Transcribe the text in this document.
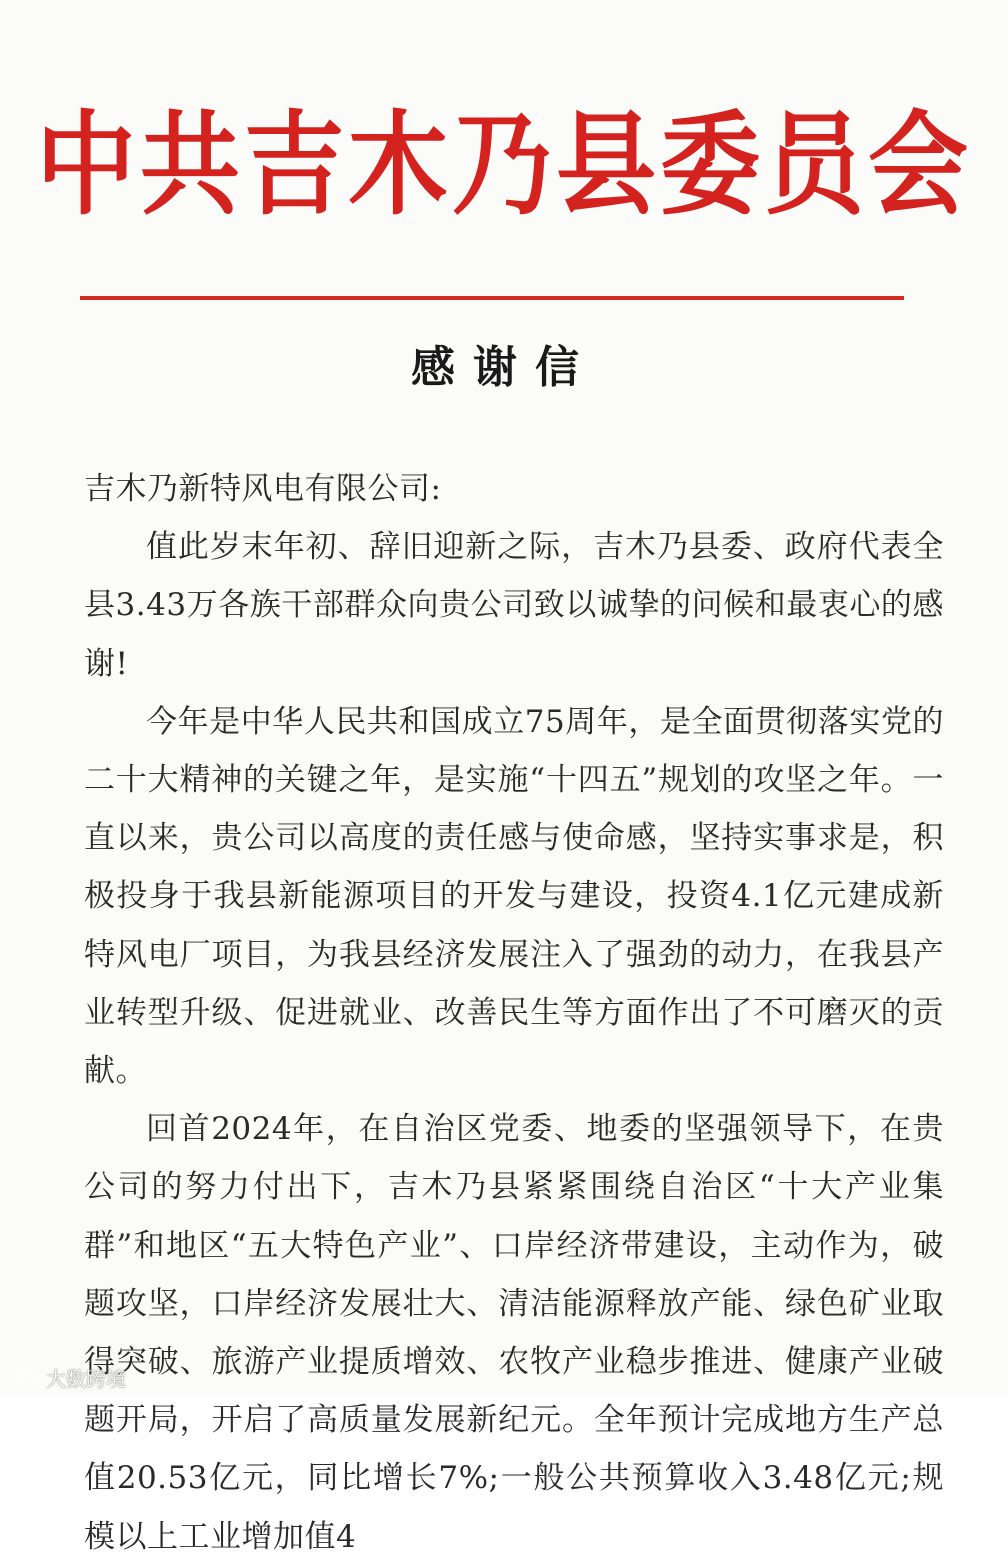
中共吉木乃县委员会
感谢信

吉木乃新特风电有限公司:

值此岁末年初、辞旧迎新之际，吉木乃县委、政府代表全县3.43万各族干部群众向贵公司致以诚挚的问候和最衷心的感谢!

今年是中华人民共和国成立75周年，是全面贯彻落实党的二十大精神的关键之年，是实施“十四五”规划的攻坚之年。一直以来，贵公司以高度的责任感与使命感，坚持实事求是，积极投身于我县新能源项目的开发与建设，投资4.1亿元建成新特风电厂项目，为我县经济发展注入了强劲的动力，在我县产业转型升级、促进就业、改善民生等方面作出了不可磨灭的贡献。

回首2024年，在自治区党委、地委的坚强领导下，在贵公司的努力付出下，吉木乃县紧紧围绕自治区“十大产业集群”和地区“五大特色产业”、口岸经济带建设，主动作为，破题攻坚，口岸经济发展壮大、清洁能源释放产能、绿色矿业取得突破、旅游产业提质增效、农牧产业稳步推进、健康产业破题开局，开启了高质量发展新纪元。全年预计完成地方生产总值20.53亿元，同比增长7%;一般公共预算收入3.48亿元;规模以上工业增加值4

大数跨境
